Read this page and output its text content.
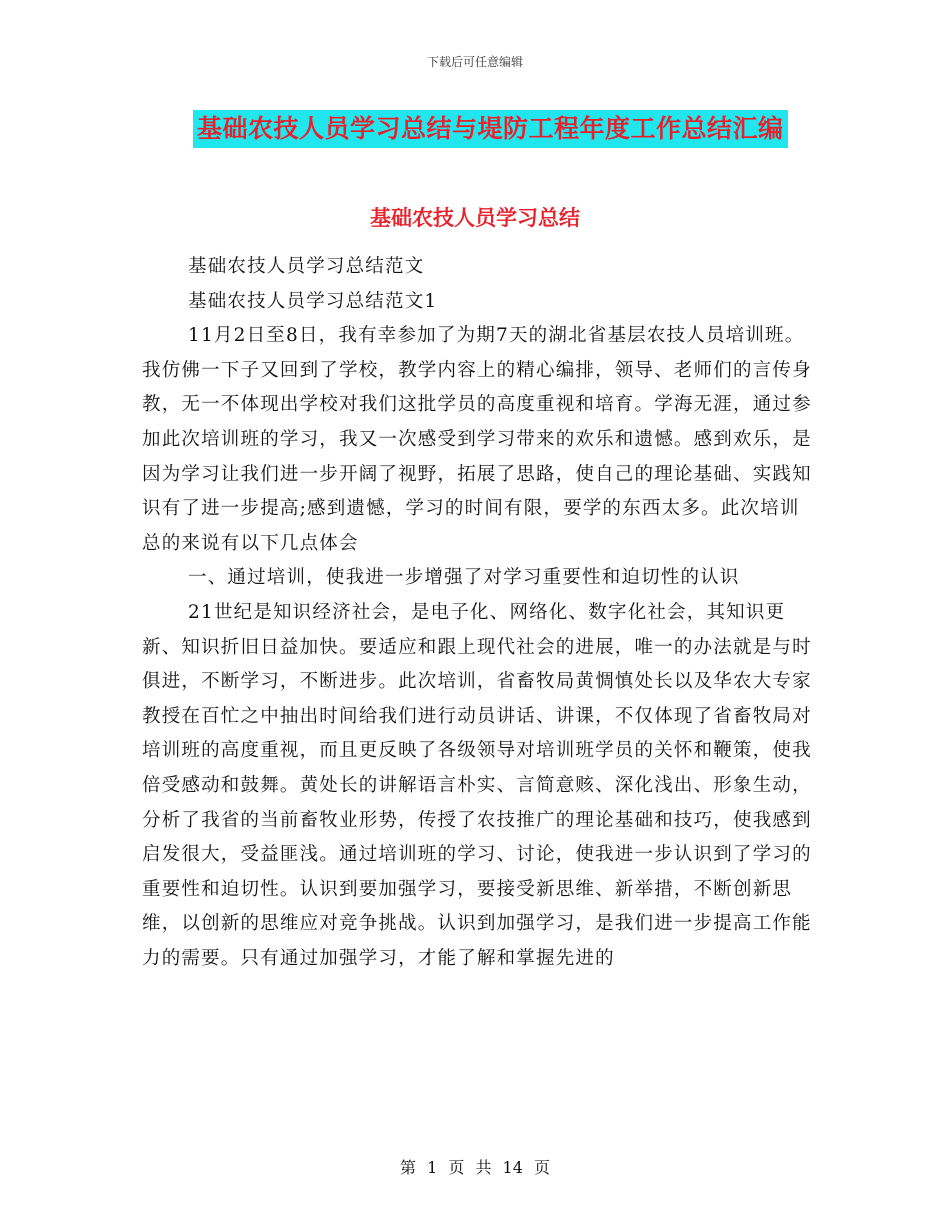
下载后可任意编辑
基础农技人员学习总结与堤防工程年度工作总结汇编
基础农技人员学习总结

基础农技人员学习总结范文

基础农技人员学习总结范文1

11月2日至8日，我有幸参加了为期7天的湖北省基层农技人员培训班。我仿佛一下子又回到了学校，教学内容上的精心编排，领导、老师们的言传身教，无一不体现出学校对我们这批学员的高度重视和培育。学海无涯，通过参加此次培训班的学习，我又一次感受到学习带来的欢乐和遗憾。感到欢乐，是因为学习让我们进一步开阔了视野，拓展了思路，使自己的理论基础、实践知识有了进一步提高;感到遗憾，学习的时间有限，要学的东西太多。此次培训总的来说有以下几点体会

一、通过培训，使我进一步增强了对学习重要性和迫切性的认识

21世纪是知识经济社会，是电子化、网络化、数字化社会，其知识更新、知识折旧日益加快。要适应和跟上现代社会的进展，唯一的办法就是与时俱进，不断学习，不断进步。此次培训，省畜牧局黄惆慎处长以及华农大专家教授在百忙之中抽出时间给我们进行动员讲话、讲课，不仅体现了省畜牧局对培训班的高度重视，而且更反映了各级领导对培训班学员的关怀和鞭策，使我倍受感动和鼓舞。黄处长的讲解语言朴实、言简意赅、深化浅出、形象生动，分析了我省的当前畜牧业形势，传授了农技推广的理论基础和技巧，使我感到启发很大，受益匪浅。通过培训班的学习、讨论，使我进一步认识到了学习的重要性和迫切性。认识到要加强学习，要接受新思维、新举措，不断创新思维，以创新的思维应对竞争挑战。认识到加强学习，是我们进一步提高工作能力的需要。只有通过加强学习，才能了解和掌握先进的

第 1 页 共 14 页
